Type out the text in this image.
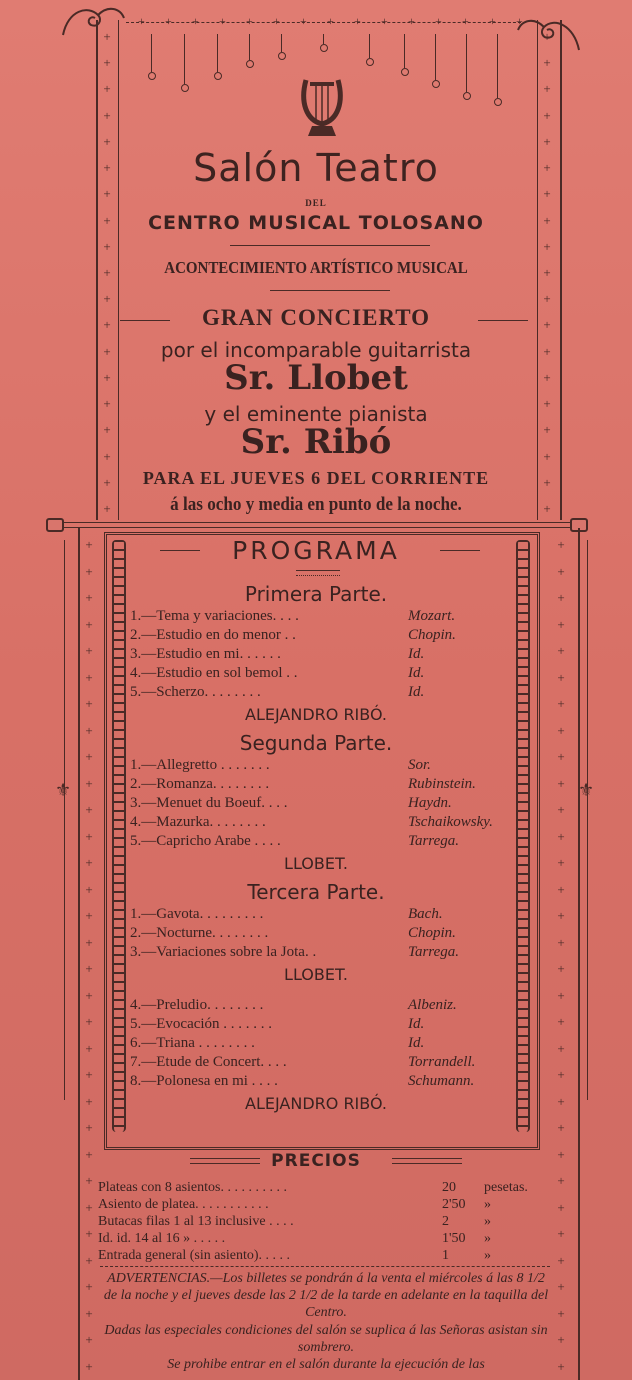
+
+
+
+
+
+
+
+
+
+
+
+
+
+
+
+
+
+
+
+
+
+
+
+
+
+
+
+
+
+
+
+
+
+
+
+
+
+
Salón Teatro
DEL
CENTRO MUSICAL TOLOSANO
ACONTECIMIENTO ARTÍSTICO MUSICAL
GRAN CONCIERTO
por el incomparable guitarrista
Sr. Llobet
y el eminente pianista
Sr. Ribó
PARA EL JUEVES 6 DEL CORRIENTE
á las ocho y media en punto de la noche.
+
+
+
+
+
+
+
+
+
+
+
+
+
+
+
+
+
+
+
+
+
+
+
+
+
+
+
+
+
+
+
+
+
+
+
+
+
+
+
+
+
+
+
+
+
+
+
+
+
+
+
+
+
+
+
+
+
+
+
+
+
+
+
+
⚜	⚜
PROGRAMA
Primera Parte.
1.—Tema y variaciones. . . .	Mozart.
2.—Estudio en do menor . .	Chopin.
3.—Estudio en mi. . . . . .	Id.
4.—Estudio en sol bemol . .	Id.
5.—Scherzo. . . . . . . .	Id.
ALEJANDRO RIBÓ.
Segunda Parte.
1.—Allegretto . . . . . . .	Sor.
2.—Romanza. . . . . . . .	Rubinstein.
3.—Menuet du Boeuf. . . .	Haydn.
4.—Mazurka. . . . . . . .	Tschaikowsky.
5.—Capricho Arabe . . . .	Tarrega.
LLOBET.
Tercera Parte.
1.—Gavota. . . . . . . . .	Bach.
2.—Nocturne. . . . . . . .	Chopin.
3.—Variaciones sobre la Jota. .	Tarrega.
LLOBET.
4.—Preludio. . . . . . . .	Albeniz.
5.—Evocación . . . . . . .	Id.
6.—Triana . . . . . . . .	Id.
7.—Etude de Concert. . . .	Torrandell.
8.—Polonesa en mi . . . .	Schumann.
ALEJANDRO RIBÓ.
PRECIOS
Plateas con 8 asientos. . . . . . . . . .	20 pesetas.
Asiento de platea. . . . . . . . . . .	2'50 »
Butacas filas 1 al 13 inclusive . . . .	2	»
Id. id. 14 al 16 » . . . . .	1'50 »
Entrada general (sin asiento). . . . .	1	»
ADVERTENCIAS.—Los billetes se pondrán á la venta el miércoles á las 8 1/2 de la noche y el jueves desde las 2 1/2 de la tarde en adelante en la taquilla del Centro.
Dadas las especiales condiciones del salón se suplica á las Señoras asistan sin sombrero.
Se prohibe entrar en el salón durante la ejecución de las
+ + + + + + + + + + + + + + +
